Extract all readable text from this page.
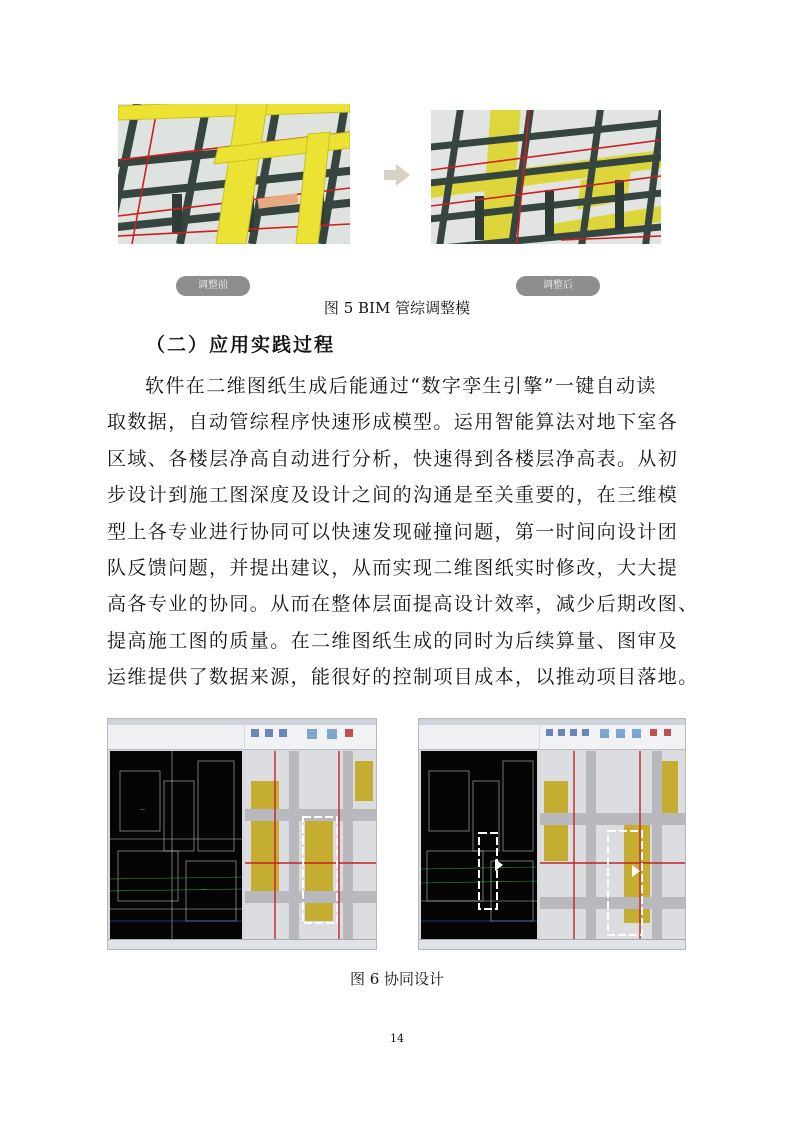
调整前	调整后
图 5 BIM 管综调整模
（二）应用实践过程
软件在二维图纸生成后能通过“数字孪生引擎”一键自动读
取数据，自动管综程序快速形成模型。运用智能算法对地下室各
区域、各楼层净高自动进行分析，快速得到各楼层净高表。从初
步设计到施工图深度及设计之间的沟通是至关重要的，在三维模
型上各专业进行协同可以快速发现碰撞问题，第一时间向设计团
队反馈问题，并提出建议，从而实现二维图纸实时修改，大大提
高各专业的协同。从而在整体层面提高设计效率，减少后期改图、
提高施工图的质量。在二维图纸生成的同时为后续算量、图审及
运维提供了数据来源，能很好的控制项目成本，以推动项目落地。
——
——
图 6 协同设计
14
